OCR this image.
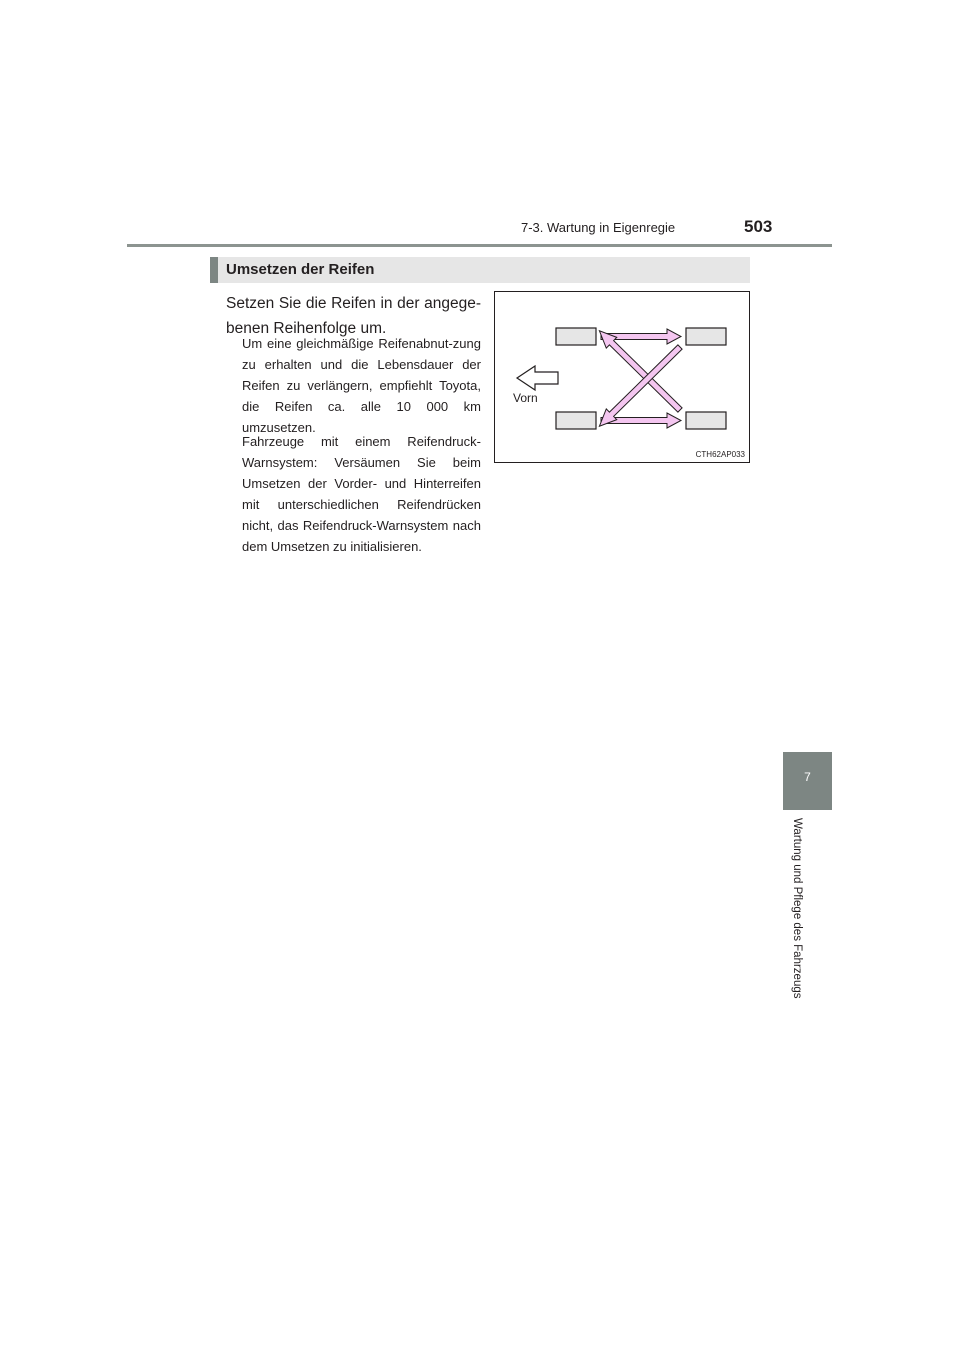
7-3. Wartung in Eigenregie	503
Umsetzen der Reifen
Setzen Sie die Reifen in der angege-benen Reihenfolge um.
Um eine gleichmäßige Reifenabnut-zung zu erhalten und die Lebensdauer der Reifen zu verlängern, empfiehlt Toyota, die Reifen ca. alle 10 000 km umzusetzen.
Fahrzeuge mit einem Reifendruck-Warnsystem: Versäumen Sie beim Umsetzen der Vorder- und Hinterreifen mit unterschiedlichen Reifendrücken nicht, das Reifendruck-Warnsystem nach dem Umsetzen zu initialisieren.
Vorn
CTH62AP033
7
Wartung und Pflege des Fahrzeugs
